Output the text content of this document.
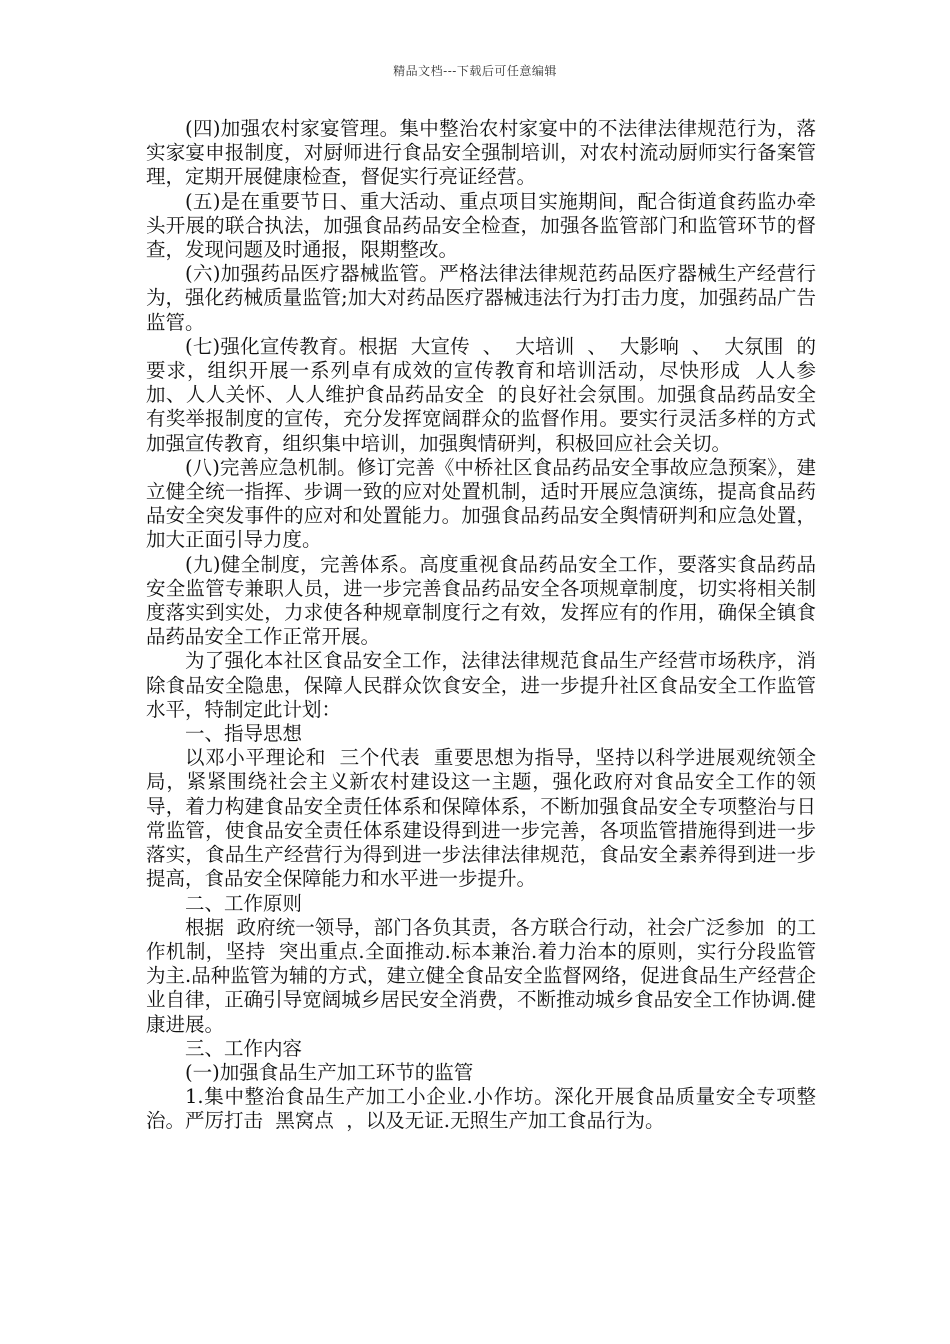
精品文档---下载后可任意编辑

(四)加强农村家宴管理。集中整治农村家宴中的不法律法律规范行为，落实家宴申报制度，对厨师进行食品安全强制培训，对农村流动厨师实行备案管理，定期开展健康检查，督促实行亮证经营。

(五)是在重要节日、重大活动、重点项目实施期间，配合街道食药监办牵头开展的联合执法，加强食品药品安全检查，加强各监管部门和监管环节的督查，发现问题及时通报，限期整改。

(六)加强药品医疗器械监管。严格法律法律规范药品医疗器械生产经营行为，强化药械质量监管;加大对药品医疗器械违法行为打击力度，加强药品广告监管。

(七)强化宣传教育。根据  大宣传  、  大培训  、  大影响  、  大氛围  的要求，组织开展一系列卓有成效的宣传教育和培训活动，尽快形成  人人参加、人人关怀、人人维护食品药品安全  的良好社会氛围。加强食品药品安全有奖举报制度的宣传，充分发挥宽阔群众的监督作用。要实行灵活多样的方式加强宣传教育，组织集中培训，加强舆情研判，积极回应社会关切。

(八)完善应急机制。修订完善《中桥社区食品药品安全事故应急预案》，建立健全统一指挥、步调一致的应对处置机制，适时开展应急演练，提高食品药品安全突发事件的应对和处置能力。加强食品药品安全舆情研判和应急处置，加大正面引导力度。

(九)健全制度，完善体系。高度重视食品药品安全工作，要落实食品药品安全监管专兼职人员，进一步完善食品药品安全各项规章制度，切实将相关制度落实到实处，力求使各种规章制度行之有效，发挥应有的作用，确保全镇食品药品安全工作正常开展。

为了强化本社区食品安全工作，法律法律规范食品生产经营市场秩序，消除食品安全隐患，保障人民群众饮食安全，进一步提升社区食品安全工作监管水平，特制定此计划：

一、指导思想

以邓小平理论和  三个代表  重要思想为指导，坚持以科学进展观统领全局，紧紧围绕社会主义新农村建设这一主题，强化政府对食品安全工作的领导，着力构建食品安全责任体系和保障体系，不断加强食品安全专项整治与日常监管，使食品安全责任体系建设得到进一步完善，各项监管措施得到进一步落实，食品生产经营行为得到进一步法律法律规范，食品安全素养得到进一步提高，食品安全保障能力和水平进一步提升。

二、工作原则

根据  政府统一领导，部门各负其责，各方联合行动，社会广泛参加  的工作机制，坚持  突出重点.全面推动.标本兼治.着力治本的原则，实行分段监管为主.品种监管为辅的方式，建立健全食品安全监督网络，促进食品生产经营企业自律，正确引导宽阔城乡居民安全消费，不断推动城乡食品安全工作协调.健康进展。

三、工作内容

(一)加强食品生产加工环节的监管

1.集中整治食品生产加工小企业.小作坊。深化开展食品质量安全专项整治。严厉打击  黑窝点  ，以及无证.无照生产加工食品行为。
